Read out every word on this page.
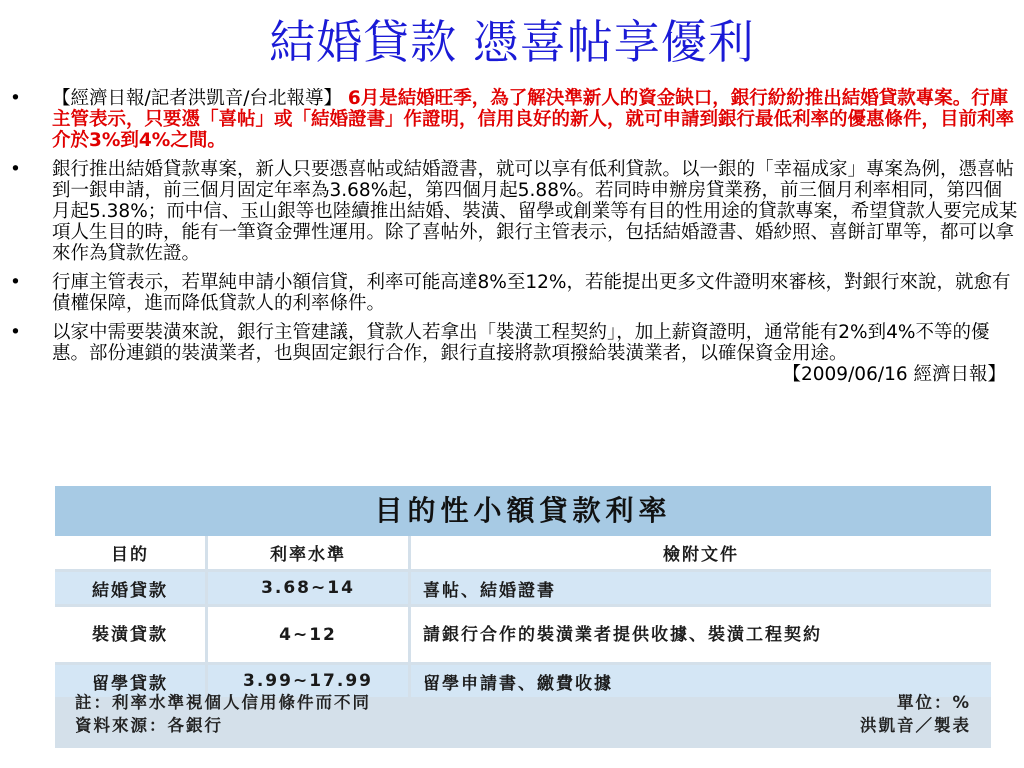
結婚貸款 憑喜帖享優利
• 【經濟日報/記者洪凱音/台北報導】 6月是結婚旺季，為了解決準新人的資金缺口，銀行紛紛推出結婚貸款專案。行庫主管表示，只要憑「喜帖」或「結婚證書」作證明，信用良好的新人，就可申請到銀行最低利率的優惠條件，目前利率介於3%到4%之間。
• 銀行推出結婚貸款專案，新人只要憑喜帖或結婚證書，就可以享有低利貸款。以一銀的「幸福成家」專案為例，憑喜帖到一銀申請，前三個月固定年率為3.68%起，第四個月起5.88%。若同時申辦房貸業務，前三個月利率相同，第四個月起5.38%；而中信、玉山銀等也陸續推出結婚、裝潢、留學或創業等有目的性用途的貸款專案，希望貸款人要完成某項人生目的時，能有一筆資金彈性運用。除了喜帖外，銀行主管表示，包括結婚證書、婚紗照、喜餅訂單等，都可以拿來作為貸款佐證。
• 行庫主管表示，若單純申請小額信貸，利率可能高達8%至12%，若能提出更多文件證明來審核，對銀行來說，就愈有債權保障，進而降低貸款人的利率條件。
• 以家中需要裝潢來說，銀行主管建議，貸款人若拿出「裝潢工程契約」，加上薪資證明，通常能有2%到4%不等的優惠。部份連鎖的裝潢業者，也與固定銀行合作，銀行直接將款項撥給裝潢業者，以確保資金用途。
【2009/06/16 經濟日報】
目的性小額貸款利率
目的	利率水準	檢附文件
結婚貸款	3.68~14	喜帖、結婚證書
裝潢貸款	4~12	請銀行合作的裝潢業者提供收據、裝潢工程契約
留學貸款	3.99~17.99	留學申請書、繳費收據
註：利率水準視個人信用條件而不同	單位：%
資料來源：各銀行	洪凱音／製表
